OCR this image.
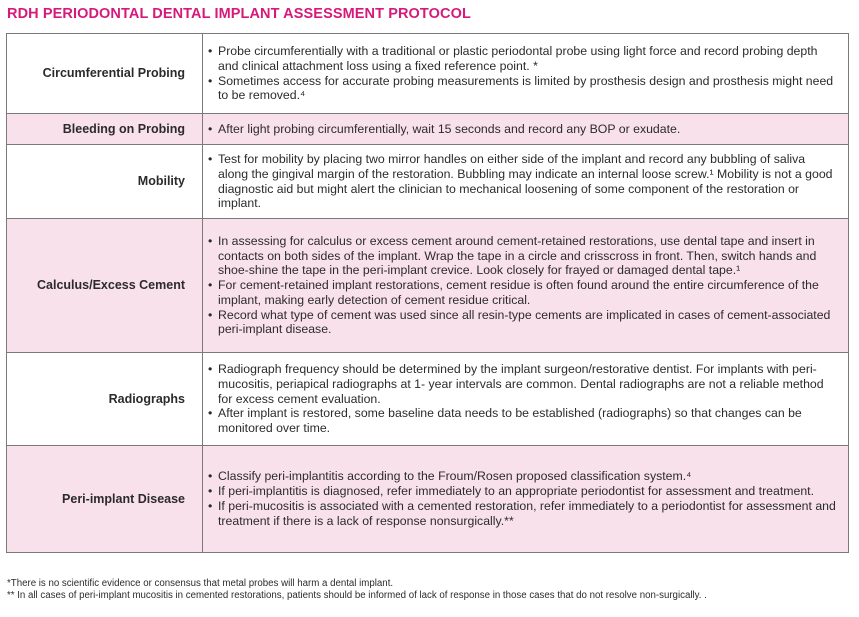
RDH PERIODONTAL DENTAL IMPLANT ASSESSMENT PROTOCOL
Circumferential Probing	• Probe circumferentially with a traditional or plastic periodontal probe using light force and record probing depth and clinical attachment loss using a fixed reference point. *
• Sometimes access for accurate probing measurements is limited by prosthesis design and prosthesis might need to be removed.⁴

Bleeding on Probing	• After light probing circumferentially, wait 15 seconds and record any BOP or exudate.

Mobility	• Test for mobility by placing two mirror handles on either side of the implant and record any bubbling of saliva along the gingival margin of the restoration. Bubbling may indicate an internal loose screw.¹ Mobility is not a good diagnostic aid but might alert the clinician to mechanical loosening of some component of the restoration or implant.

Calculus/Excess Cement	• In assessing for calculus or excess cement around cement-retained restorations, use dental tape and insert in contacts on both sides of the implant. Wrap the tape in a circle and crisscross in front. Then, switch hands and shoe-shine the tape in the peri-implant crevice. Look closely for frayed or damaged dental tape.¹
• For cement-retained implant restorations, cement residue is often found around the entire circumference of the implant, making early detection of cement residue critical.
• Record what type of cement was used since all resin-type cements are implicated in cases of cement-associated peri-implant disease.

Radiographs	• Radiograph frequency should be determined by the implant surgeon/restorative dentist. For implants with peri-mucositis, periapical radiographs at 1- year intervals are common. Dental radiographs are not a reliable method for excess cement evaluation.
• After implant is restored, some baseline data needs to be established (radiographs) so that changes can be monitored over time.

Peri-implant Disease	• Classify peri-implantitis according to the Froum/Rosen proposed classification system.⁴
• If peri-implantitis is diagnosed, refer immediately to an appropriate periodontist for assessment and treatment.
• If peri-mucositis is associated with a cemented restoration, refer immediately to a periodontist for assessment and treatment if there is a lack of response nonsurgically.**
*There is no scientific evidence or consensus that metal probes will harm a dental implant.
** In all cases of peri-implant mucositis in cemented restorations, patients should be informed of lack of response in those cases that do not resolve non-surgically. .
